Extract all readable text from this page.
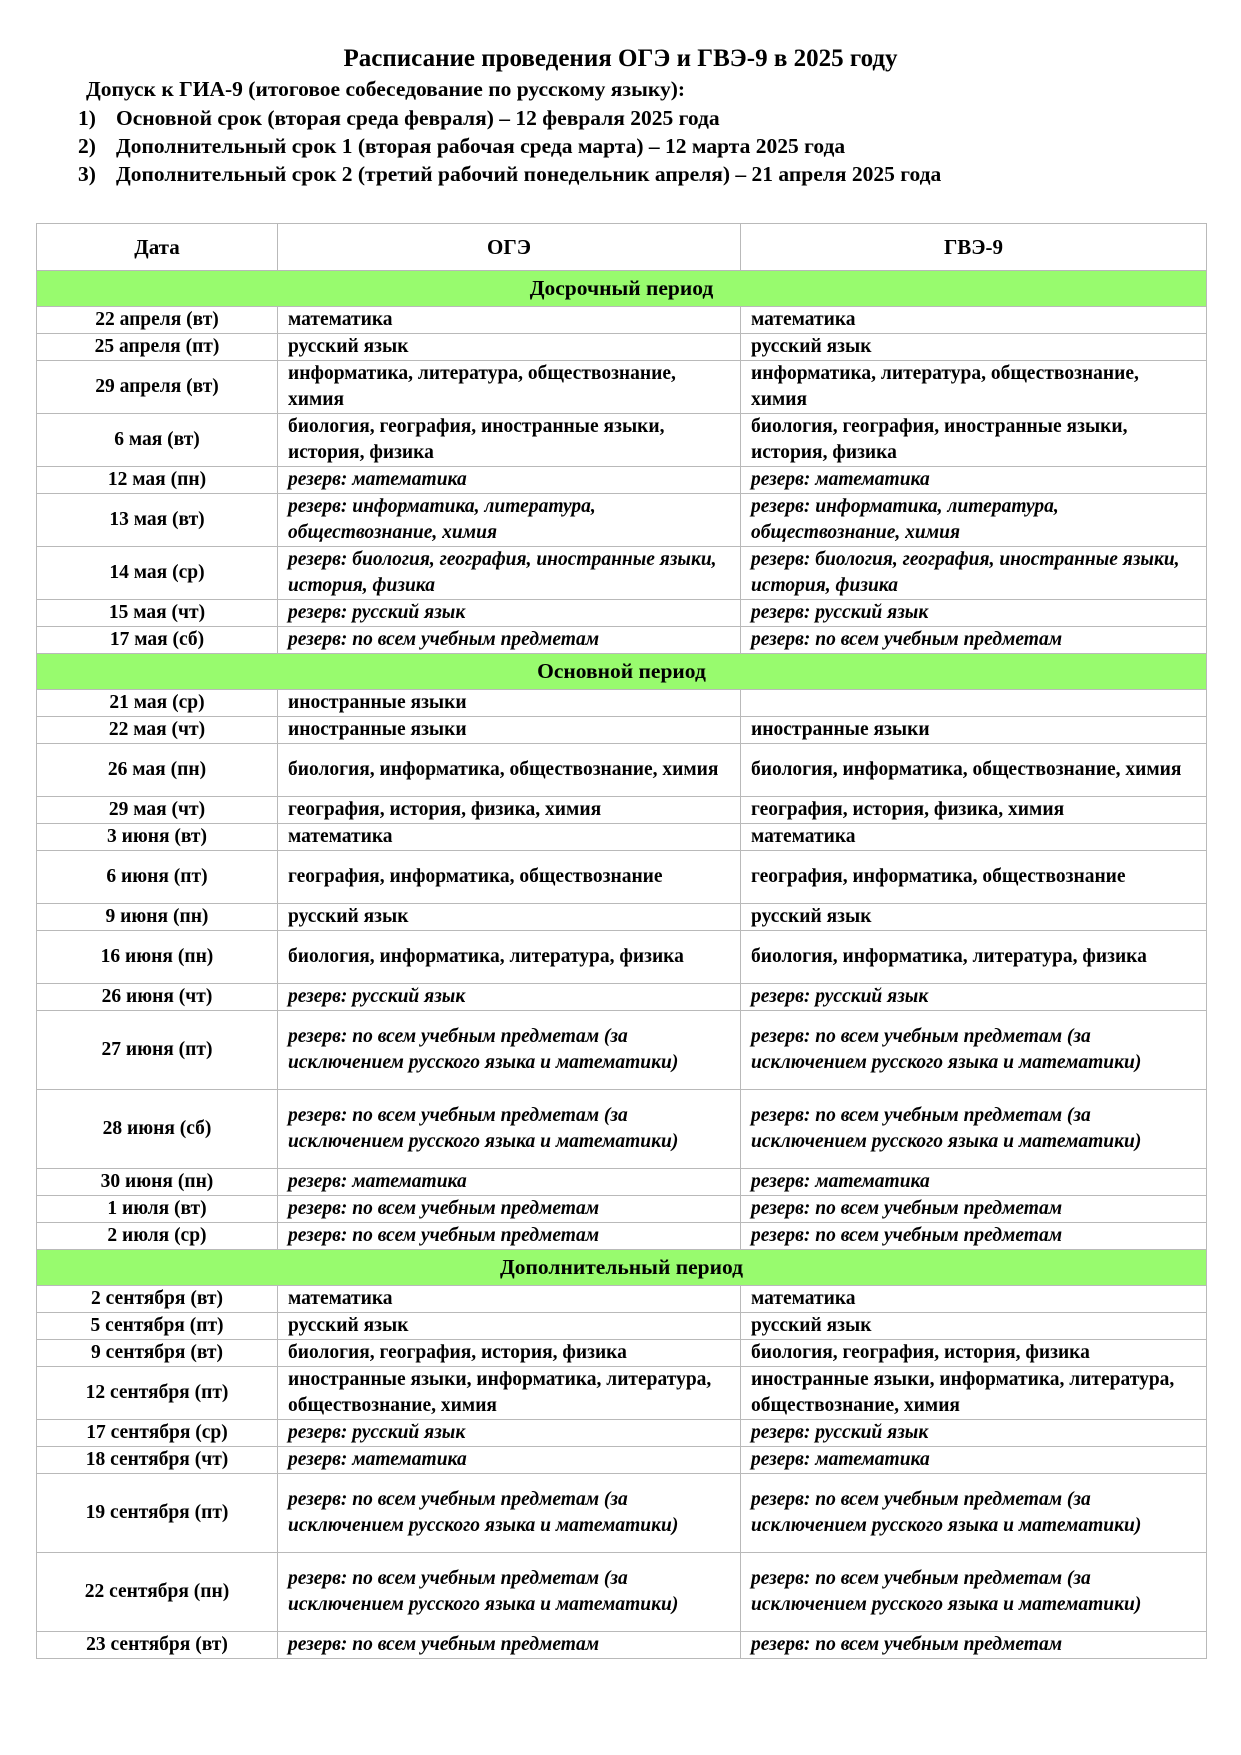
Расписание проведения ОГЭ и ГВЭ-9 в 2025 году
Допуск к ГИА-9 (итоговое собеседование по русскому языку):
1) Основной срок (вторая среда февраля) – 12 февраля 2025 года
2) Дополнительный срок 1 (вторая рабочая среда марта) – 12 марта 2025 года
3) Дополнительный срок 2 (третий рабочий понедельник апреля) – 21 апреля 2025 года
Дата	ОГЭ	ГВЭ-9
Досрочный период		
22 апреля (вт)	математика	математика
25 апреля (пт)	русский язык	русский язык
29 апреля (вт)	информатика, литература, обществознание, химия	информатика, литература, обществознание, химия
6 мая (вт)	биология, география, иностранные языки, история, физика	биология, география, иностранные языки, история, физика
12 мая (пн)	резерв: математика	резерв: математика
13 мая (вт)	резерв: информатика, литература, обществознание, химия	резерв: информатика, литература, обществознание, химия
14 мая (ср)	резерв: биология, география, иностранные языки, история, физика	резерв: биология, география, иностранные языки, история, физика
15 мая (чт)	резерв: русский язык	резерв: русский язык
17 мая (сб)	резерв: по всем учебным предметам	резерв: по всем учебным предметам
Основной период		
21 мая (ср)	иностранные языки	
22 мая (чт)	иностранные языки	иностранные языки
26 мая (пн)	биология, информатика, обществознание, химия	биология, информатика, обществознание, химия
29 мая (чт)	география, история, физика, химия	география, история, физика, химия
3 июня (вт)	математика	математика
6 июня (пт)	география, информатика, обществознание	география, информатика, обществознание
9 июня (пн)	русский язык	русский язык
16 июня (пн)	биология, информатика, литература, физика	биология, информатика, литература, физика
26 июня (чт)	резерв: русский язык	резерв: русский язык
27 июня (пт)	резерв: по всем учебным предметам (за исключением русского языка и математики)	резерв: по всем учебным предметам (за исключением русского языка и математики)
28 июня (сб)	резерв: по всем учебным предметам (за исключением русского языка и математики)	резерв: по всем учебным предметам (за исключением русского языка и математики)
30 июня (пн)	резерв: математика	резерв: математика
1 июля (вт)	резерв: по всем учебным предметам	резерв: по всем учебным предметам
2 июля (ср)	резерв: по всем учебным предметам	резерв: по всем учебным предметам
Дополнительный период		
2 сентября (вт)	математика	математика
5 сентября (пт)	русский язык	русский язык
9 сентября (вт)	биология, география, история, физика	биология, география, история, физика
12 сентября (пт)	иностранные языки, информатика, литература, обществознание, химия	иностранные языки, информатика, литература, обществознание, химия
17 сентября (ср)	резерв: русский язык	резерв: русский язык
18 сентября (чт)	резерв: математика	резерв: математика
19 сентября (пт)	резерв: по всем учебным предметам (за исключением русского языка и математики)	резерв: по всем учебным предметам (за исключением русского языка и математики)
22 сентября (пн)	резерв: по всем учебным предметам (за исключением русского языка и математики)	резерв: по всем учебным предметам (за исключением русского языка и математики)
23 сентября (вт)	резерв: по всем учебным предметам	резерв: по всем учебным предметам
